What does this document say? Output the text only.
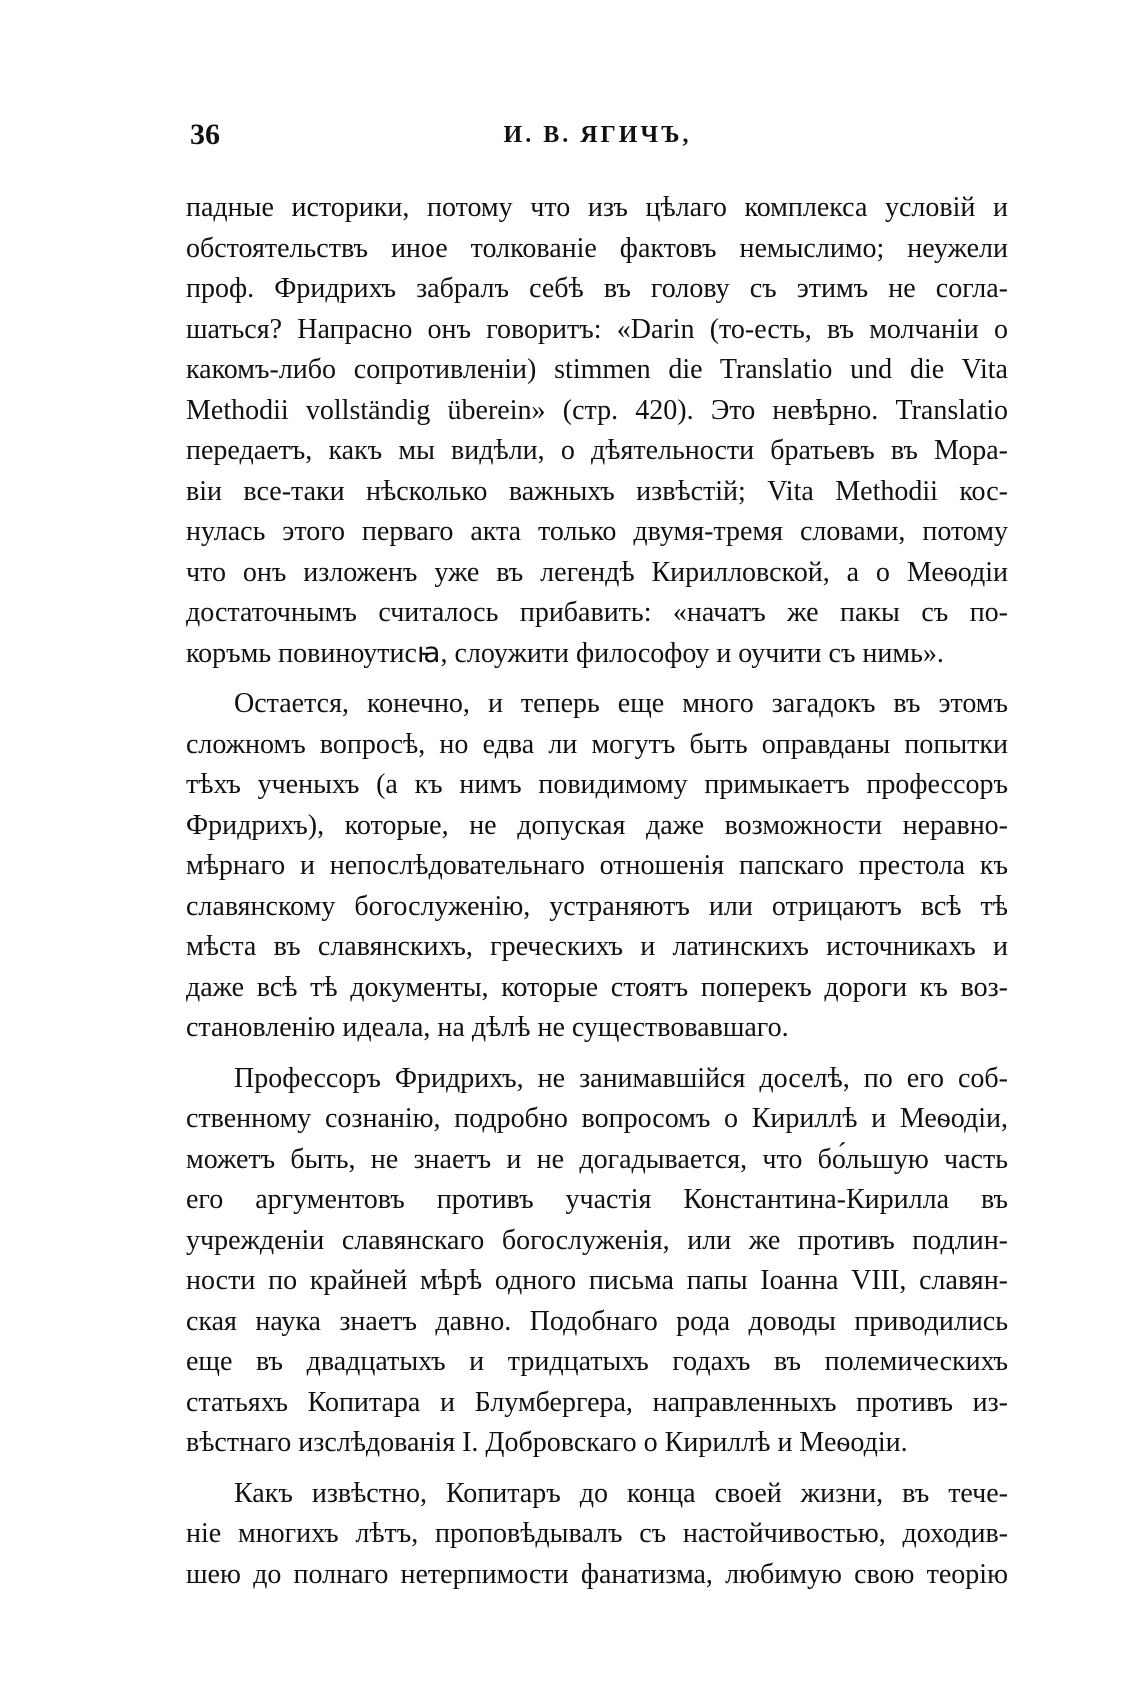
36	И. В. ЯГИЧЪ,
падные историки, потому что изъ цѣлаго комплекса условій и
обстоятельствъ иное толкованіе фактовъ немыслимо; неужели
проф. Фридрихъ забралъ себѣ въ голову съ этимъ не согла-
шаться? Напрасно онъ говоритъ: «Darin (то-есть, въ молчаніи о
какомъ-либо сопротивленіи) stimmen die Translatio und die Vita
Methodii vollständig überein» (стр. 420). Это невѣрно. Translatio
передаетъ, какъ мы видѣли, о дѣятельности братьевъ въ Мора-
віи все-таки нѣсколько важныхъ извѣстій; Vita Methodii кос-
нулась этого перваго акта только двумя-тремя словами, потому
что онъ изложенъ уже въ легендѣ Кирилловской, а о Меѳодіи
достаточнымъ считалось прибавить: «начатъ же пакы съ по-
коръмь повиноутисꙗ, слоужити философоу и оучити съ нимь».
Остается, конечно, и теперь еще много загадокъ въ этомъ
сложномъ вопросѣ, но едва ли могутъ быть оправданы попытки
тѣхъ ученыхъ (а къ нимъ повидимому примыкаетъ профессоръ
Фридрихъ), которые, не допуская даже возможности неравно-
мѣрнаго и непослѣдовательнаго отношенія папскаго престола къ
славянскому богослуженію, устраняютъ или отрицаютъ всѣ тѣ
мѣста въ славянскихъ, греческихъ и латинскихъ источникахъ и
даже всѣ тѣ документы, которые стоятъ поперекъ дороги къ воз-
становленію идеала, на дѣлѣ не существовавшаго.
Профессоръ Фридрихъ, не занимавшійся доселѣ, по его соб-
ственному сознанію, подробно вопросомъ о Кириллѣ и Меѳодіи,
можетъ быть, не знаетъ и не догадывается, что бо́льшую часть
его аргументовъ противъ участія Константина-Кирилла въ
учрежденіи славянскаго богослуженія, или же противъ подлин-
ности по крайней мѣрѣ одного письма папы Іоанна VIII, славян-
ская наука знаетъ давно. Подобнаго рода доводы приводились
еще въ двадцатыхъ и тридцатыхъ годахъ въ полемическихъ
статьяхъ Копитара и Блумбергера, направленныхъ противъ из-
вѣстнаго изслѣдованія I. Добровскаго о Кириллѣ и Меѳодіи.
Какъ извѣстно, Копитаръ до конца своей жизни, въ тече-
ніе многихъ лѣтъ, проповѣдывалъ съ настойчивостью, доходив-
шею до полнаго нетерпимости фанатизма, любимую свою теорію
